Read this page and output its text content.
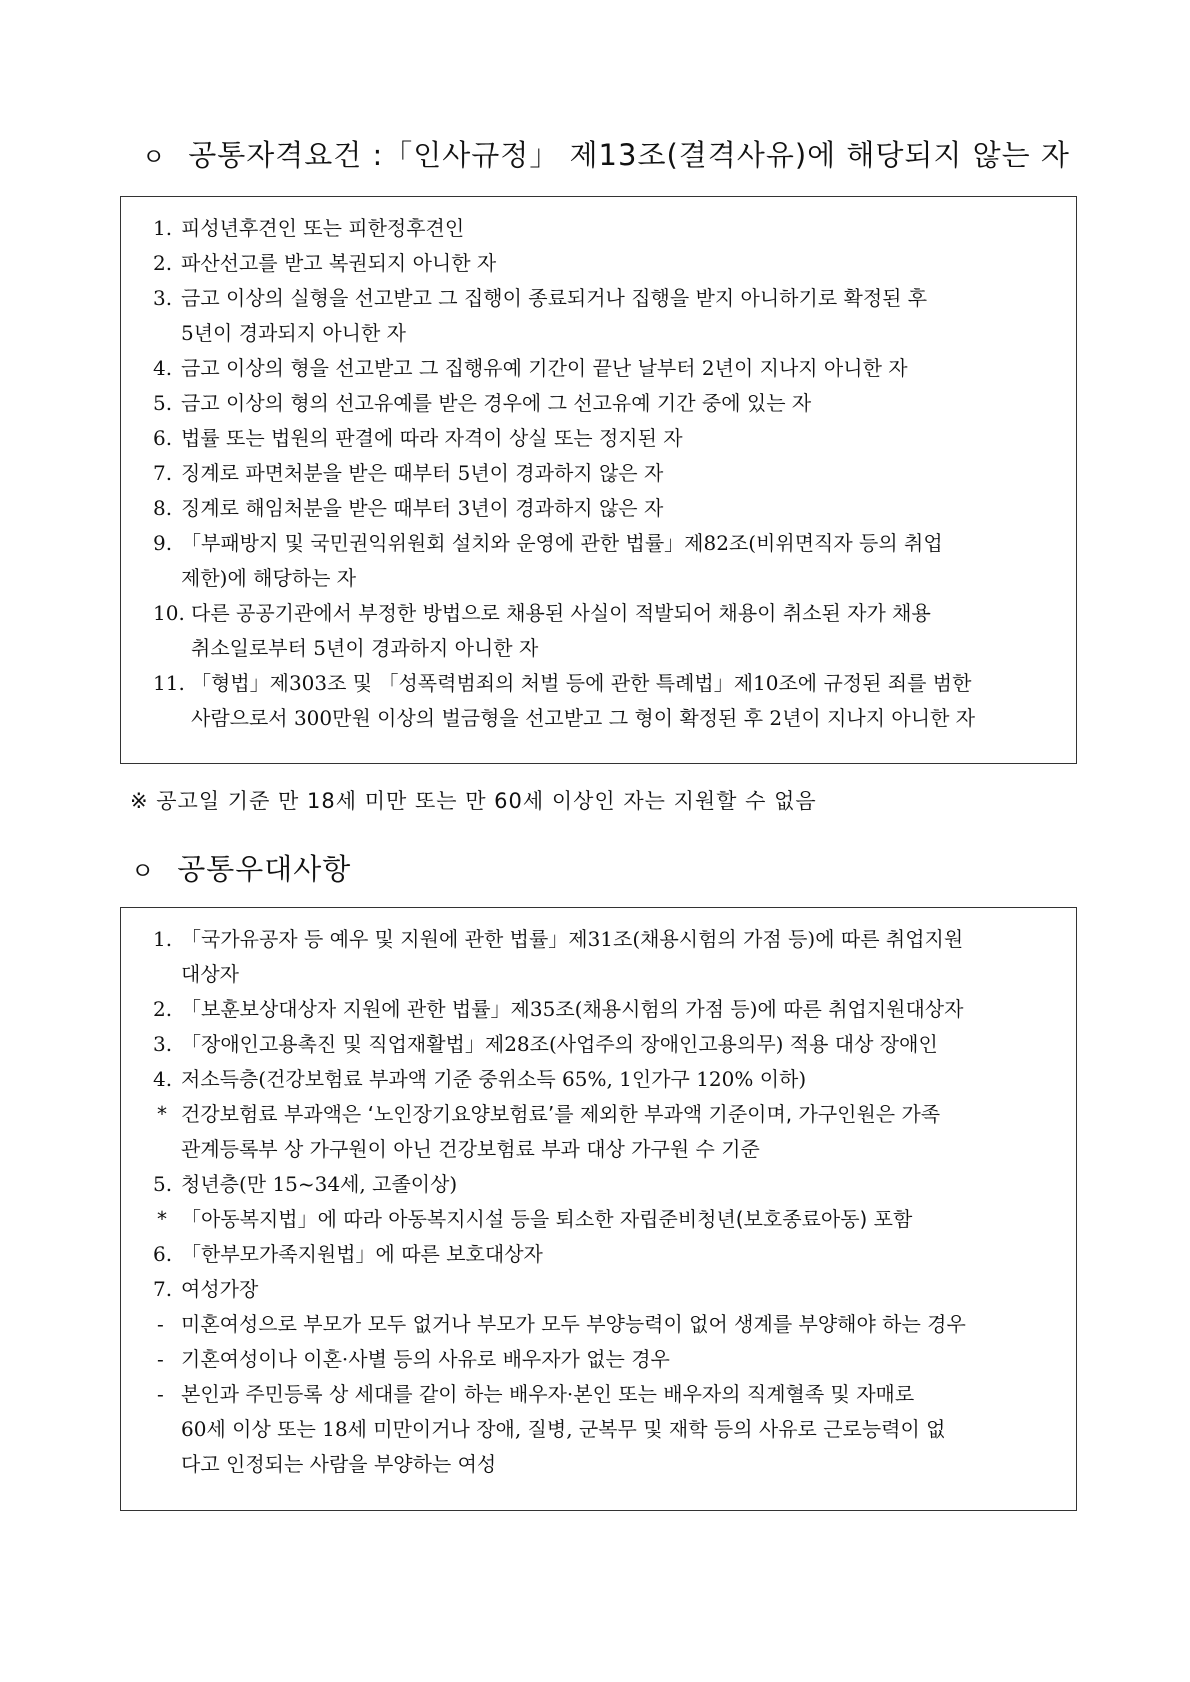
ㅇ 공통자격요건 :「인사규정」 제13조(결격사유)에 해당되지 않는 자
1. 피성년후견인 또는 피한정후견인
2. 파산선고를 받고 복권되지 아니한 자
3. 금고 이상의 실형을 선고받고 그 집행이 종료되거나 집행을 받지 아니하기로 확정된 후
5년이 경과되지 아니한 자
4. 금고 이상의 형을 선고받고 그 집행유예 기간이 끝난 날부터 2년이 지나지 아니한 자
5. 금고 이상의 형의 선고유예를 받은 경우에 그 선고유예 기간 중에 있는 자
6. 법률 또는 법원의 판결에 따라 자격이 상실 또는 정지된 자
7. 징계로 파면처분을 받은 때부터 5년이 경과하지 않은 자
8. 징계로 해임처분을 받은 때부터 3년이 경과하지 않은 자
9. 「부패방지 및 국민권익위원회 설치와 운영에 관한 법률」제82조(비위면직자 등의 취업
제한)에 해당하는 자
10. 다른 공공기관에서 부정한 방법으로 채용된 사실이 적발되어 채용이 취소된 자가 채용
취소일로부터 5년이 경과하지 아니한 자
11. 「형법」제303조 및 「성폭력범죄의 처벌 등에 관한 특례법」제10조에 규정된 죄를 범한
사람으로서 300만원 이상의 벌금형을 선고받고 그 형이 확정된 후 2년이 지나지 아니한 자
※ 공고일 기준 만 18세 미만 또는 만 60세 이상인 자는 지원할 수 없음
ㅇ 공통우대사항
1. 「국가유공자 등 예우 및 지원에 관한 법률」제31조(채용시험의 가점 등)에 따른 취업지원
대상자
2. 「보훈보상대상자 지원에 관한 법률」제35조(채용시험의 가점 등)에 따른 취업지원대상자
3. 「장애인고용촉진 및 직업재활법」제28조(사업주의 장애인고용의무) 적용 대상 장애인
4. 저소득층(건강보험료 부과액 기준 중위소득 65%, 1인가구 120% 이하)
* 건강보험료 부과액은 ‘노인장기요양보험료’를 제외한 부과액 기준이며, 가구인원은 가족
관계등록부 상 가구원이 아닌 건강보험료 부과 대상 가구원 수 기준
5. 청년층(만 15~34세, 고졸이상)
* 「아동복지법」에 따라 아동복지시설 등을 퇴소한 자립준비청년(보호종료아동) 포함
6. 「한부모가족지원법」에 따른 보호대상자
7. 여성가장
- 미혼여성으로 부모가 모두 없거나 부모가 모두 부양능력이 없어 생계를 부양해야 하는 경우
- 기혼여성이나 이혼·사별 등의 사유로 배우자가 없는 경우
- 본인과 주민등록 상 세대를 같이 하는 배우자·본인 또는 배우자의 직계혈족 및 자매로
60세 이상 또는 18세 미만이거나 장애, 질병, 군복무 및 재학 등의 사유로 근로능력이 없
다고 인정되는 사람을 부양하는 여성
